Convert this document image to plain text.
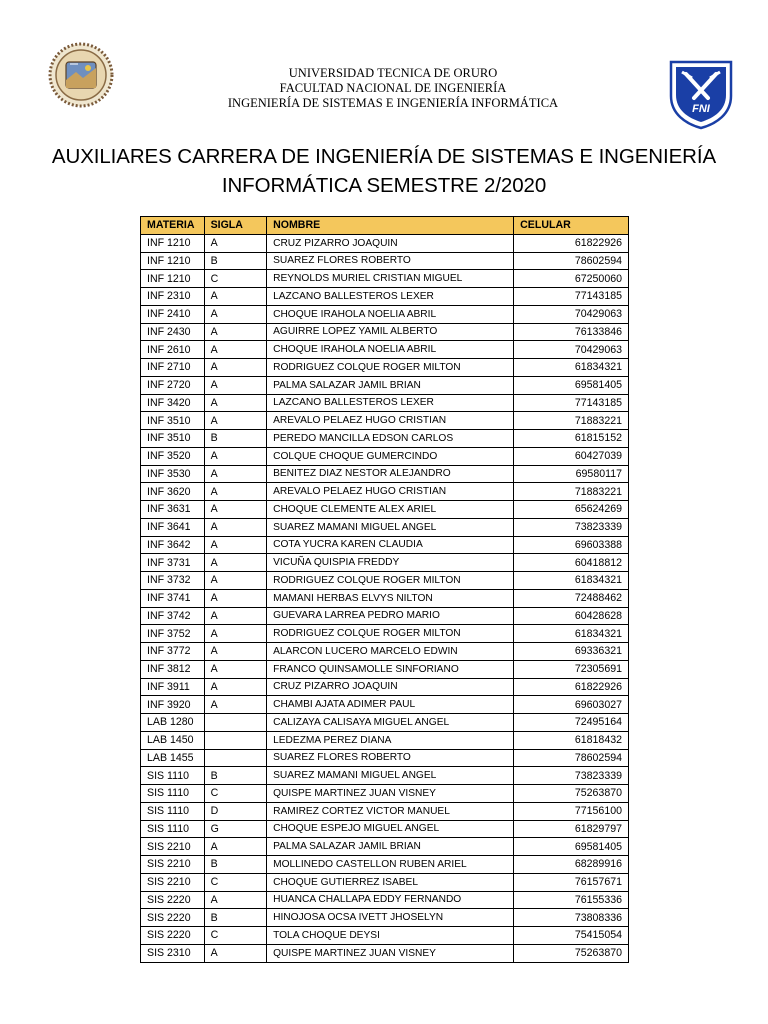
UNIVERSIDAD TECNICA DE ORURO
FACULTAD NACIONAL DE INGENIERÍA
INGENIERÍA DE SISTEMAS E INGENIERÍA INFORMÁTICA	FNI
AUXILIARES CARRERA DE INGENIERÍA DE SISTEMAS E INGENIERÍA
INFORMÁTICA SEMESTRE 2/2020
MATERIA	SIGLA	NOMBRE	CELULAR
INF 1210	A	CRUZ PIZARRO JOAQUIN	61822926
INF 1210	B	SUAREZ FLORES ROBERTO	78602594
INF 1210	C	REYNOLDS MURIEL CRISTIAN MIGUEL	67250060
INF 2310	A	LAZCANO BALLESTEROS LEXER	77143185
INF 2410	A	CHOQUE IRAHOLA NOELIA ABRIL	70429063
INF 2430	A	AGUIRRE LOPEZ YAMIL ALBERTO	76133846
INF 2610	A	CHOQUE IRAHOLA NOELIA ABRIL	70429063
INF 2710	A	RODRIGUEZ COLQUE ROGER MILTON	61834321
INF 2720	A	PALMA SALAZAR JAMIL BRIAN	69581405
INF 3420	A	LAZCANO BALLESTEROS LEXER	77143185
INF 3510	A	AREVALO PELAEZ HUGO CRISTIAN	71883221
INF 3510	B	PEREDO MANCILLA EDSON CARLOS	61815152
INF 3520	A	COLQUE CHOQUE GUMERCINDO	60427039
INF 3530	A	BENITEZ DIAZ NESTOR ALEJANDRO	69580117
INF 3620	A	AREVALO PELAEZ HUGO CRISTIAN	71883221
INF 3631	A	CHOQUE CLEMENTE ALEX ARIEL	65624269
INF 3641	A	SUAREZ MAMANI MIGUEL ANGEL	73823339
INF 3642	A	COTA YUCRA KAREN CLAUDIA	69603388
INF 3731	A	VICUÑA QUISPIA FREDDY	60418812
INF 3732	A	RODRIGUEZ COLQUE ROGER MILTON	61834321
INF 3741	A	MAMANI HERBAS ELVYS NILTON	72488462
INF 3742	A	GUEVARA LARREA PEDRO MARIO	60428628
INF 3752	A	RODRIGUEZ COLQUE ROGER MILTON	61834321
INF 3772	A	ALARCON LUCERO MARCELO EDWIN	69336321
INF 3812	A	FRANCO QUINSAMOLLE SINFORIANO	72305691
INF 3911	A	CRUZ PIZARRO JOAQUIN	61822926
INF 3920	A	CHAMBI AJATA ADIMER PAUL	69603027
LAB 1280		CALIZAYA CALISAYA MIGUEL ANGEL	72495164
LAB 1450		LEDEZMA PEREZ DIANA	61818432
LAB 1455		SUAREZ FLORES ROBERTO	78602594
SIS 1110	B	SUAREZ MAMANI MIGUEL ANGEL	73823339
SIS 1110	C	QUISPE MARTINEZ JUAN VISNEY	75263870
SIS 1110	D	RAMIREZ CORTEZ VICTOR MANUEL	77156100
SIS 1110	G	CHOQUE ESPEJO MIGUEL ANGEL	61829797
SIS 2210	A	PALMA SALAZAR JAMIL BRIAN	69581405
SIS 2210	B	MOLLINEDO CASTELLON RUBEN ARIEL	68289916
SIS 2210	C	CHOQUE GUTIERREZ ISABEL	76157671
SIS 2220	A	HUANCA CHALLAPA EDDY FERNANDO	76155336
SIS 2220	B	HINOJOSA OCSA IVETT JHOSELYN	73808336
SIS 2220	C	TOLA CHOQUE DEYSI	75415054
SIS 2310	A	QUISPE MARTINEZ JUAN VISNEY	75263870
